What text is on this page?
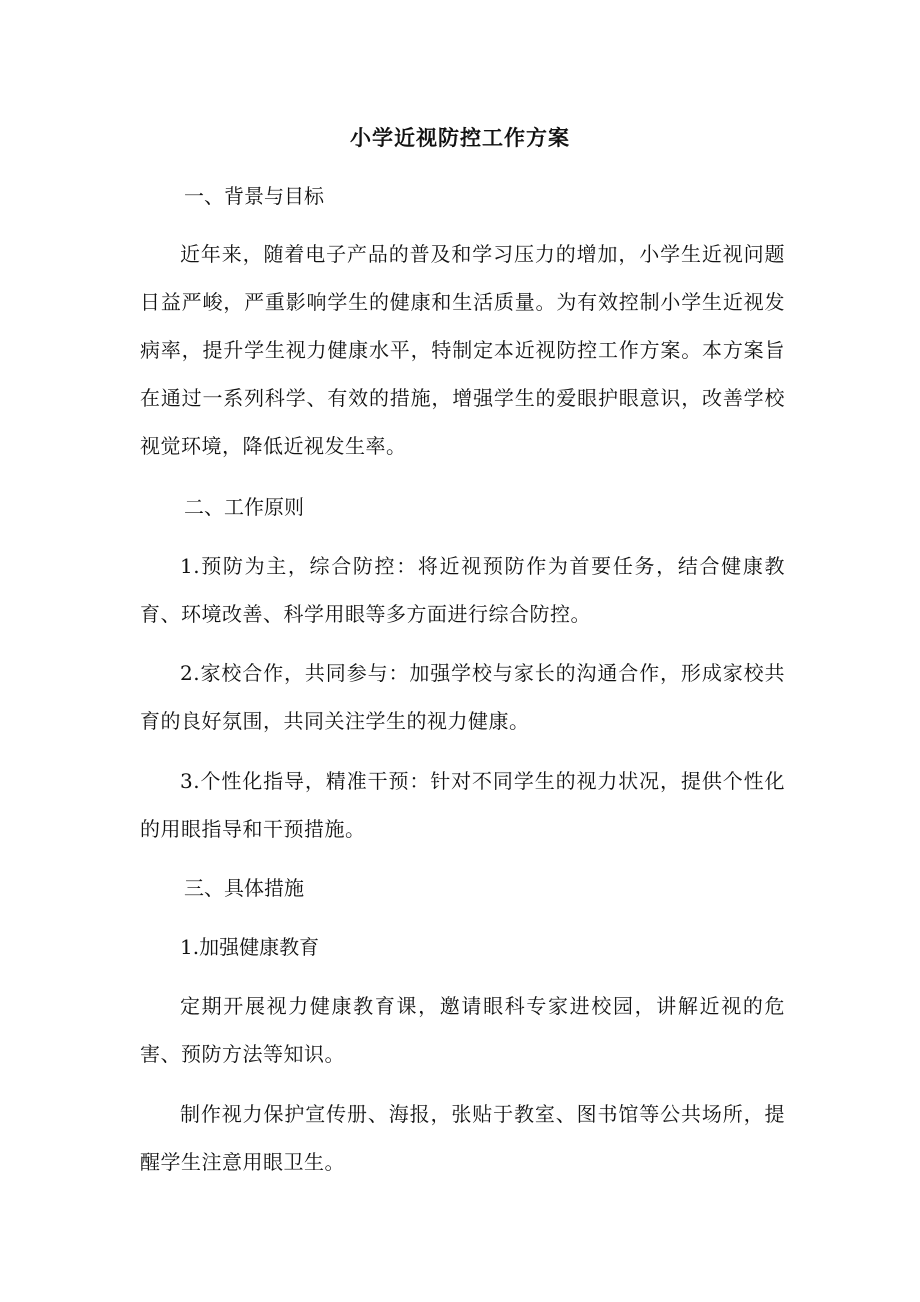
小学近视防控工作方案
一、背景与目标

近年来，随着电子产品的普及和学习压力的增加，小学生近视问题日益严峻，严重影响学生的健康和生活质量。为有效控制小学生近视发病率，提升学生视力健康水平，特制定本近视防控工作方案。本方案旨在通过一系列科学、有效的措施，增强学生的爱眼护眼意识，改善学校视觉环境，降低近视发生率。

二、工作原则

1.预防为主，综合防控：将近视预防作为首要任务，结合健康教育、环境改善、科学用眼等多方面进行综合防控。

2.家校合作，共同参与：加强学校与家长的沟通合作，形成家校共育的良好氛围，共同关注学生的视力健康。

3.个性化指导，精准干预：针对不同学生的视力状况，提供个性化的用眼指导和干预措施。

三、具体措施
1.加强健康教育

定期开展视力健康教育课，邀请眼科专家进校园，讲解近视的危害、预防方法等知识。

制作视力保护宣传册、海报，张贴于教室、图书馆等公共场所，提醒学生注意用眼卫生。
